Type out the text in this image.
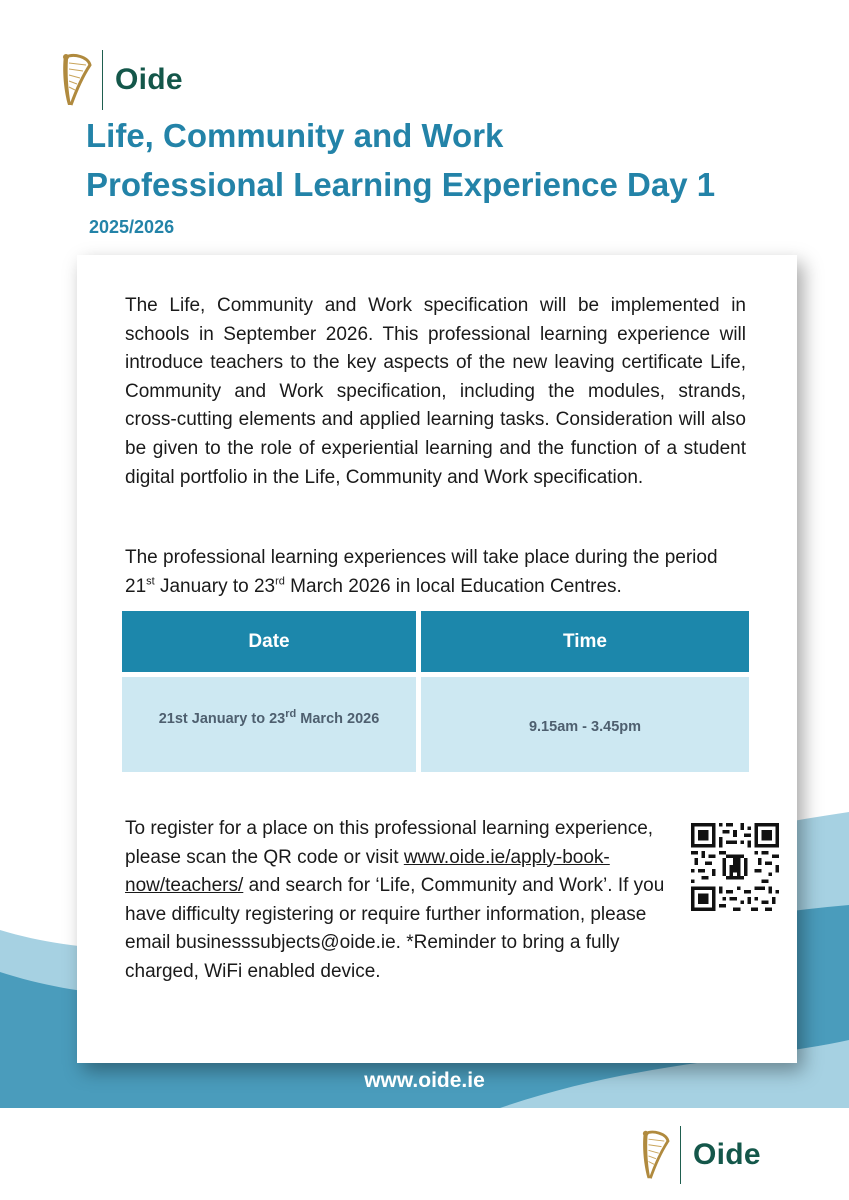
Oide
Life, Community and Work
Professional Learning Experience Day 1
2025/2026

The Life, Community and Work specification will be implemented in schools in September 2026. This professional learning experience will introduce teachers to the key aspects of the new leaving certificate Life, Community and Work specification, including the modules, strands, cross-cutting elements and applied learning tasks. Consideration will also be given to the role of experiential learning and the function of a student digital portfolio in the Life, Community and Work specification.

The professional learning experiences will take place during the period 21st January to 23rd March 2026 in local Education Centres.

Date	Time
21st January to 23rd March 2026	9.15am - 3.45pm

To register for a place on this professional learning experience, please scan the QR code or visit www.oide.ie/apply-book-now/teachers/ and search for ‘Life, Community and Work’. If you have difficulty registering or require further information, please email businesssubjects@oide.ie. *Reminder to bring a fully charged, WiFi enabled device.

www.oide.ie
Oide
